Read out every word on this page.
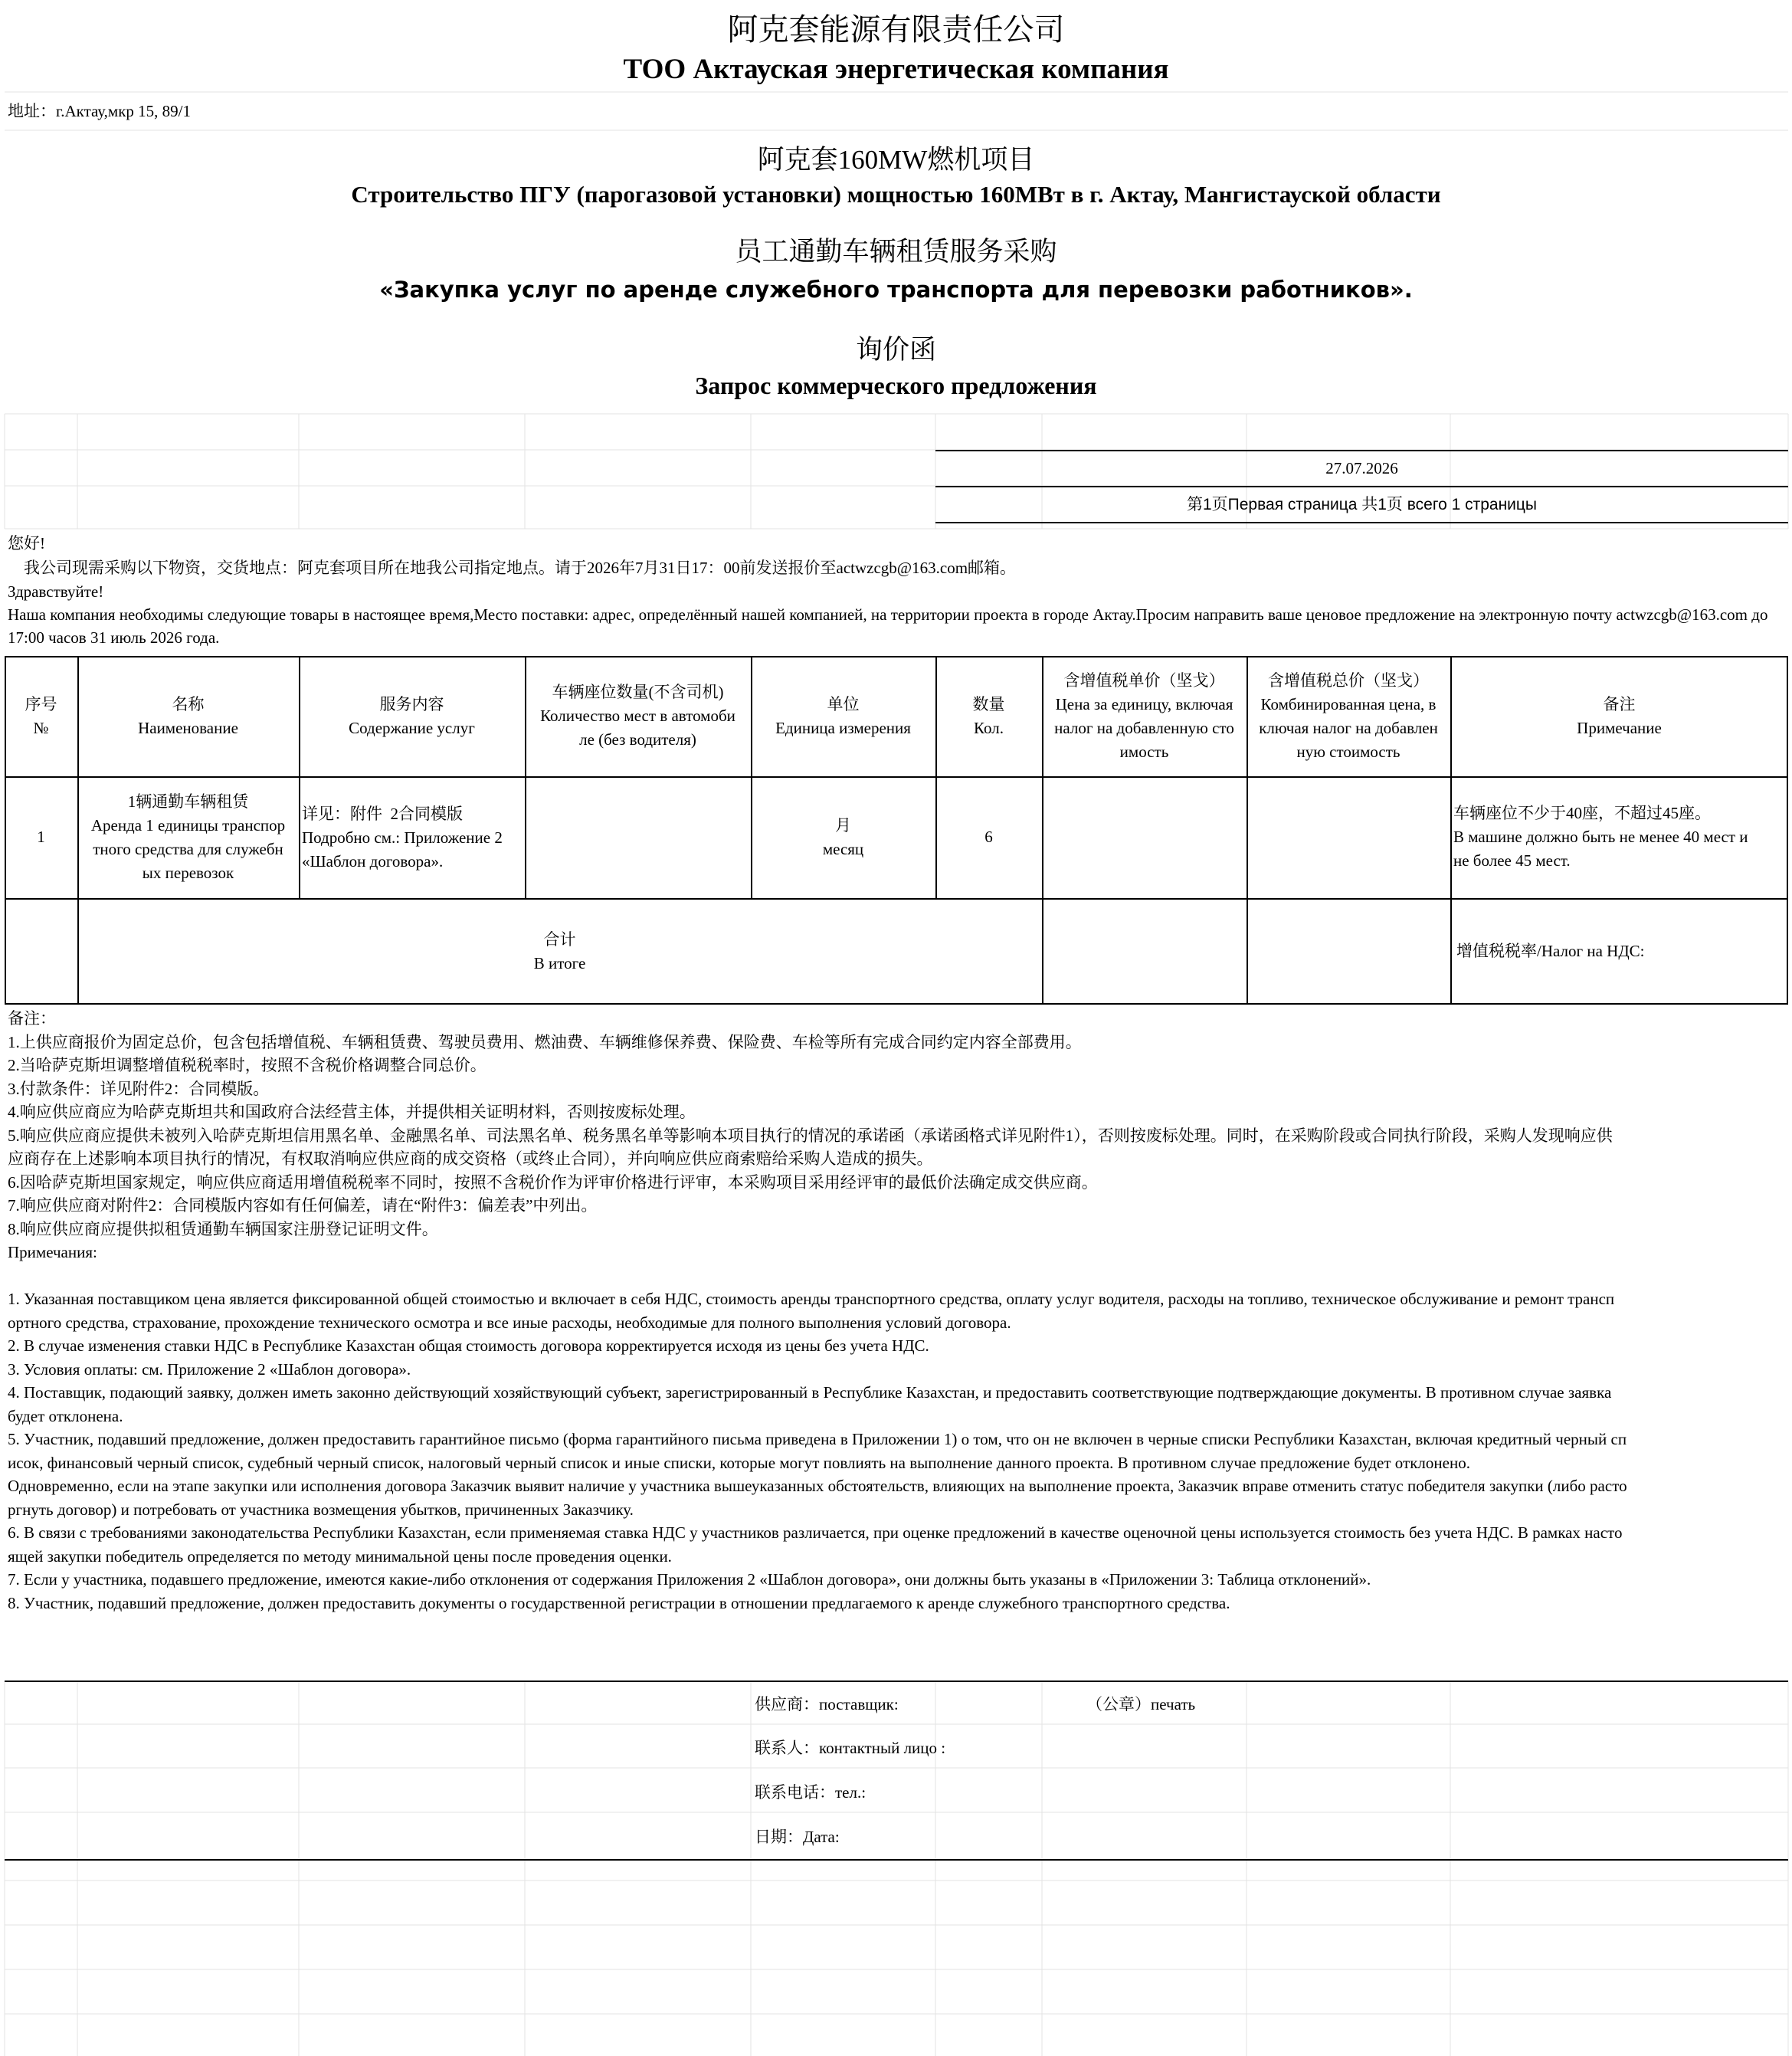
阿克套能源有限责任公司
ТОО Актауская энергетическая компания
地址：г.Актау,мкр 15, 89/1
阿克套160MW燃机项目
Строительство ПГУ (парогазовой установки) мощностью 160МВт в г. Актау, Мангистауской области
员工通勤车辆租赁服务采购
«Закупка услуг по аренде служебного транспорта для перевозки работников».
询价函
Запрос коммерческого предложения
27.07.2026
第1页Первая страница 共1页 всего 1 страницы
您好!
我公司现需采购以下物资，交货地点：阿克套项目所在地我公司指定地点。请于2026年7月31日17：00前发送报价至actwzcgb@163.com邮箱。
Здравствуйте!
Наша компания необходимы следующие товары в настоящее время,Место поставки: адрес, определённый нашей компанией, на территории проекта в городе Актау.Просим направить ваше ценовое предложение на электронную почту actwzcgb@163.com до 17:00 часов 31 июль 2026 года.
序号
№
名称
Наименование
服务内容
Содержание услуг
车辆座位数量(不含司机)
Количество мест в автомоби
ле (без водителя)
单位
Единица измерения
数量
Кол.
含增值税单价（坚戈）
Цена за единицу, включая
налог на добавленную сто
имость
含增值税总价（坚戈）
Комбинированная цена, в
ключая налог на добавлен
ную стоимость
备注
Примечание
1
1辆通勤车辆租赁
Аренда 1 единицы транспор
тного средства для служебн
ых перевозок
详见：附件  2合同模版
Подробно см.: Приложение 2
«Шаблон договора».
月
месяц
6
车辆座位不少于40座，不超过45座。
В машине должно быть не менее 40 мест и
не более 45 мест.
合计
В итоге
增值税税率/Налог на НДС:
备注：
1.上供应商报价为固定总价，包含包括增值税、车辆租赁费、驾驶员费用、燃油费、车辆维修保养费、保险费、车检等所有完成合同约定内容全部费用。
2.当哈萨克斯坦调整增值税税率时，按照不含税价格调整合同总价。
3.付款条件：详见附件2：合同模版。
4.响应供应商应为哈萨克斯坦共和国政府合法经营主体，并提供相关证明材料，否则按废标处理。
5.响应供应商应提供未被列入哈萨克斯坦信用黑名单、金融黑名单、司法黑名单、税务黑名单等影响本项目执行的情况的承诺函（承诺函格式详见附件1），否则按废标处理。同时，在采购阶段或合同执行阶段，采购人发现响应供
应商存在上述影响本项目执行的情况，有权取消响应供应商的成交资格（或终止合同），并向响应供应商索赔给采购人造成的损失。
6.因哈萨克斯坦国家规定，响应供应商适用增值税税率不同时，按照不含税价作为评审价格进行评审，本采购项目采用经评审的最低价法确定成交供应商。
7.响应供应商对附件2：合同模版内容如有任何偏差，请在“附件3：偏差表”中列出。
8.响应供应商应提供拟租赁通勤车辆国家注册登记证明文件。
Примечания:
1. Указанная поставщиком цена является фиксированной общей стоимостью и включает в себя НДС, стоимость аренды транспортного средства, оплату услуг водителя, расходы на топливо, техническое обслуживание и ремонт трансп
ортного средства, страхование, прохождение технического осмотра и все иные расходы, необходимые для полного выполнения условий договора.
2. В случае изменения ставки НДС в Республике Казахстан общая стоимость договора корректируется исходя из цены без учета НДС.
3. Условия оплаты: см. Приложение 2 «Шаблон договора».
4. Поставщик, подающий заявку, должен иметь законно действующий хозяйствующий субъект, зарегистрированный в Республике Казахстан, и предоставить соответствующие подтверждающие документы. В противном случае заявка
будет отклонена.
5. Участник, подавший предложение, должен предоставить гарантийное письмо (форма гарантийного письма приведена в Приложении 1) о том, что он не включен в черные списки Республики Казахстан, включая кредитный черный сп
исок, финансовый черный список, судебный черный список, налоговый черный список и иные списки, которые могут повлиять на выполнение данного проекта. В противном случае предложение будет отклонено.
Одновременно, если на этапе закупки или исполнения договора Заказчик выявит наличие у участника вышеуказанных обстоятельств, влияющих на выполнение проекта, Заказчик вправе отменить статус победителя закупки (либо расто
ргнуть договор) и потребовать от участника возмещения убытков, причиненных Заказчику.
6. В связи с требованиями законодательства Республики Казахстан, если применяемая ставка НДС у участников различается, при оценке предложений в качестве оценочной цены используется стоимость без учета НДС. В рамках насто
ящей закупки победитель определяется по методу минимальной цены после проведения оценки.
7. Если у участника, подавшего предложение, имеются какие-либо отклонения от содержания Приложения 2 «Шаблон договора», они должны быть указаны в «Приложении 3: Таблица отклонений».
8. Участник, подавший предложение, должен предоставить документы о государственной регистрации в отношении предлагаемого к аренде служебного транспортного средства.
供应商：поставщик:	（公章）печать
联系人：контактный лицо :
联系电话：тел.:
日期：Дата:
